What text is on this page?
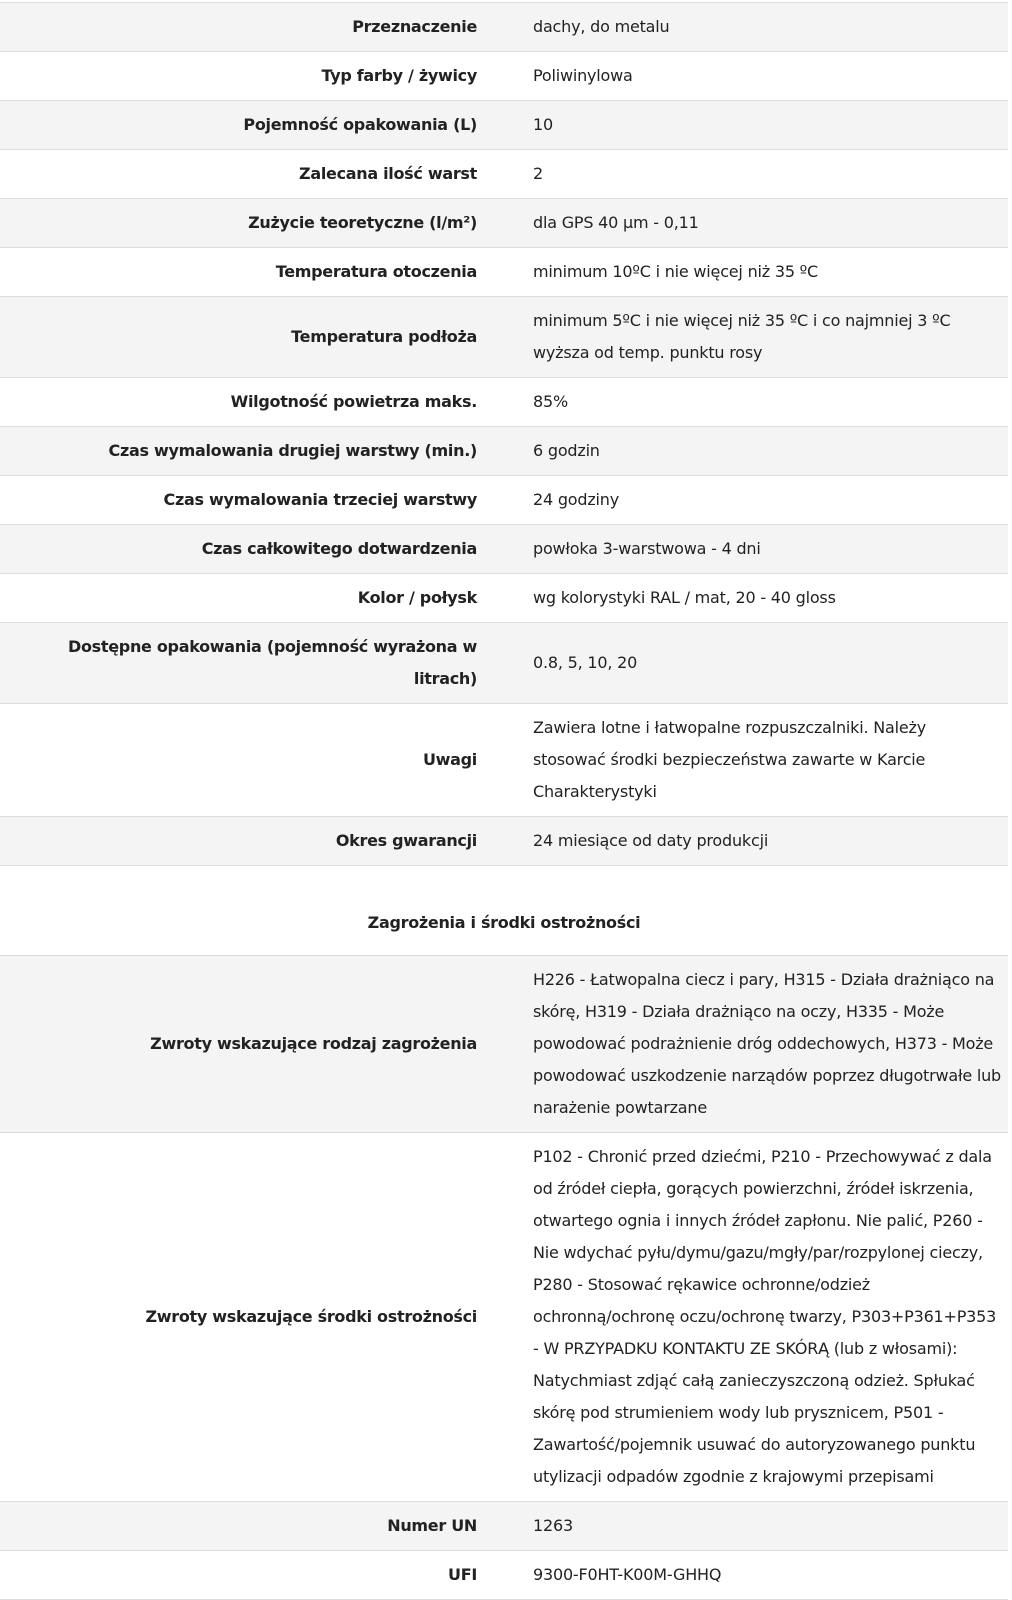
Przeznaczenie	dachy, do metalu
Typ farby / żywicy	Poliwinylowa
Pojemność opakowania (L)	10
Zalecana ilość warst	2
Zużycie teoretyczne (l/m²)	dla GPS 40 µm - 0,11
Temperatura otoczenia	minimum 10ºC i nie więcej niż 35 ºC
Temperatura podłoża	minimum 5ºC i nie więcej niż 35 ºC i co najmniej 3 ºC wyższa od temp. punktu rosy
Wilgotność powietrza maks.	85%
Czas wymalowania drugiej warstwy (min.)	6 godzin
Czas wymalowania trzeciej warstwy	24 godziny
Czas całkowitego dotwardzenia	powłoka 3-warstwowa - 4 dni
Kolor / połysk	wg kolorystyki RAL / mat, 20 - 40 gloss
Dostępne opakowania (pojemność wyrażona w litrach)	0.8, 5, 10, 20
Uwagi	Zawiera lotne i łatwopalne rozpuszczalniki. Należy stosować środki bezpieczeństwa zawarte w Karcie Charakterystyki
Okres gwarancji	24 miesiące od daty produkcji
Zagrożenia i środki ostrożności
Zwroty wskazujące rodzaj zagrożenia	H226 - Łatwopalna ciecz i pary, H315 - Działa drażniąco na skórę, H319 - Działa drażniąco na oczy, H335 - Może powodować podrażnienie dróg oddechowych, H373 - Może powodować uszkodzenie narządów poprzez długotrwałe lub narażenie powtarzane
Zwroty wskazujące środki ostrożności	P102 - Chronić przed dziećmi, P210 - Przechowywać z dala od źródeł ciepła, gorących powierzchni, źródeł iskrzenia, otwartego ognia i innych źródeł zapłonu. Nie palić, P260 - Nie wdychać pyłu/dymu/gazu/mgły/par/rozpylonej cieczy, P280 - Stosować rękawice ochronne/odzież ochronną/ochronę oczu/ochronę twarzy, P303+P361+P353 - W PRZYPADKU KONTAKTU ZE SKÓRĄ (lub z włosami): Natychmiast zdjąć całą zanieczyszczoną odzież. Spłukać skórę pod strumieniem wody lub prysznicem, P501 - Zawartość/pojemnik usuwać do autoryzowanego punktu utylizacji odpadów zgodnie z krajowymi przepisami
Numer UN	1263
UFI	9300-F0HT-K00M-GHHQ
